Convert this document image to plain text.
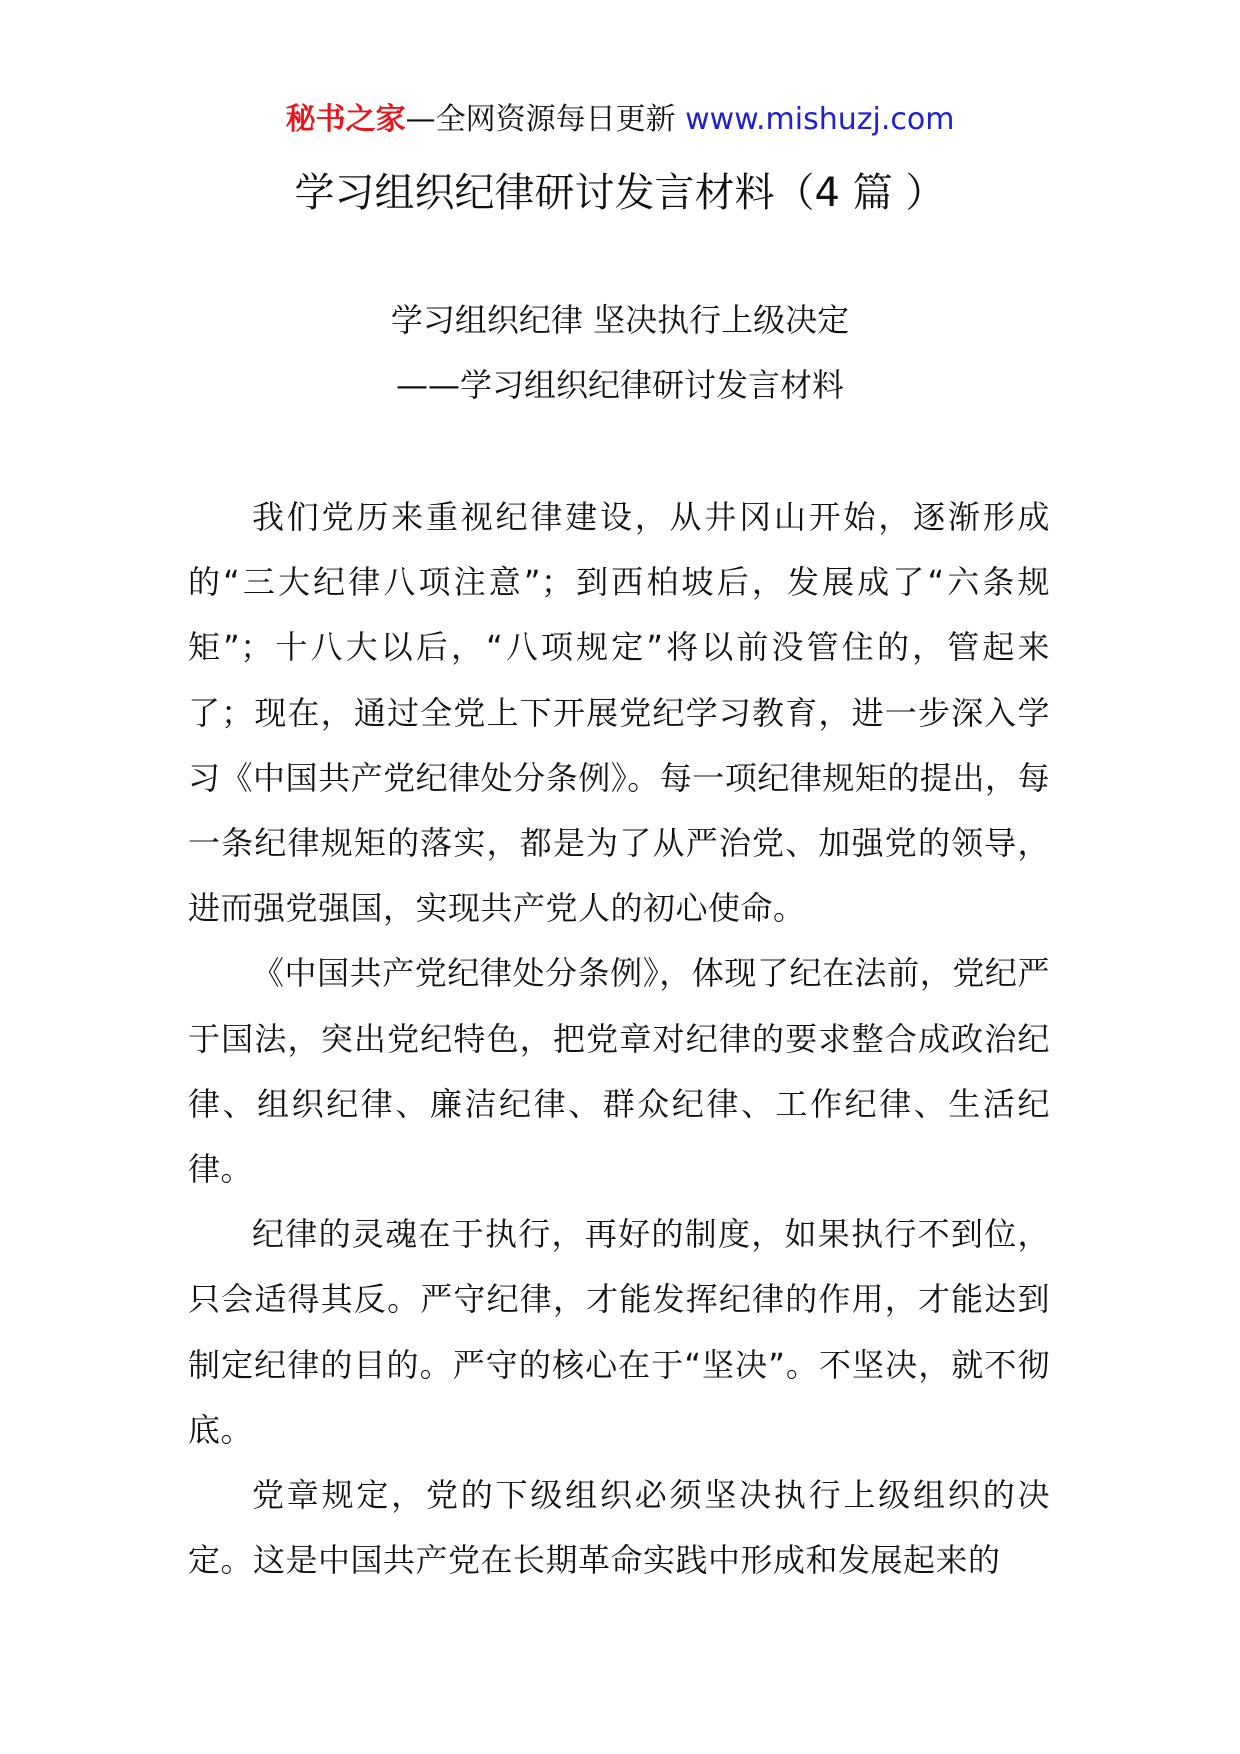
秘书之家—全网资源每日更新 www.mishuzj.com
学习组织纪律研讨发言材料（4 篇 ）
学习组织纪律 坚决执行上级决定
——学习组织纪律研讨发言材料

我们党历来重视纪律建设，从井冈山开始，逐渐形成的“三大纪律八项注意”；到西柏坡后，发展成了“六条规矩”；十八大以后，“八项规定”将以前没管住的，管起来了；现在，通过全党上下开展党纪学习教育，进一步深入学习《中国共产党纪律处分条例》。每一项纪律规矩的提出，每一条纪律规矩的落实，都是为了从严治党、加强党的领导，进而强党强国，实现共产党人的初心使命。

《中国共产党纪律处分条例》，体现了纪在法前，党纪严于国法，突出党纪特色，把党章对纪律的要求整合成政治纪律、组织纪律、廉洁纪律、群众纪律、工作纪律、生活纪律。

纪律的灵魂在于执行，再好的制度，如果执行不到位，只会适得其反。严守纪律，才能发挥纪律的作用，才能达到制定纪律的目的。严守的核心在于“坚决”。不坚决，就不彻底。

党章规定，党的下级组织必须坚决执行上级组织的决定。这是中国共产党在长期革命实践中形成和发展起来的
